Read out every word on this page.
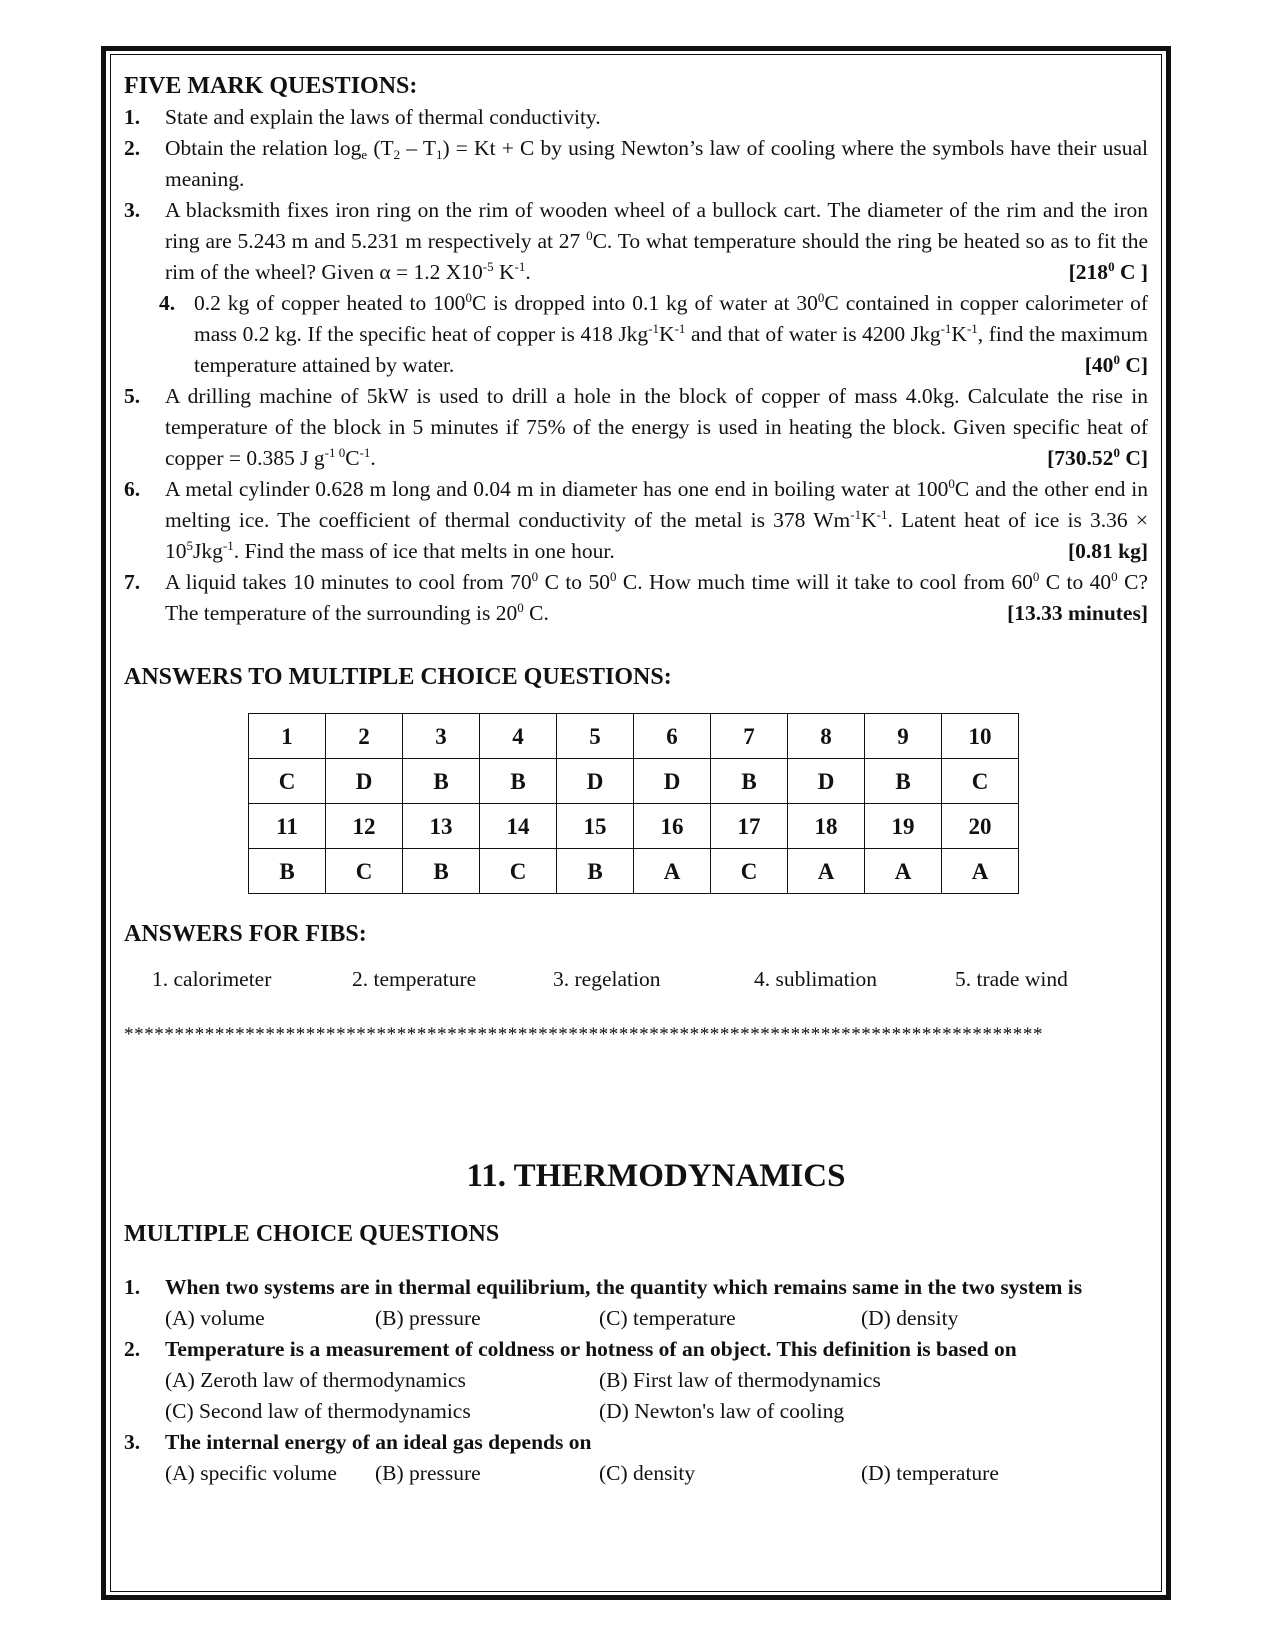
FIVE MARK QUESTIONS:
1.	State and explain the laws of thermal conductivity.
2.	Obtain the relation $\log_e (T_2 - T_1) = Kt + C$ by using Newton’s law of cooling where the symbols have their usual meaning.
3.	A blacksmith fixes iron ring on the rim of wooden wheel of a bullock cart. The diameter of the rim and the iron ring are 5.243 m and 5.231 m respectively at 27 $^0$C. To what temperature should the ring be heated so as to fit the rim of the wheel? Given α = 1.2 $X10^{-5}$ $K^{-1}$.	[$218^0$ C ]
4. 0.2 kg of copper heated to $100^0C$ is dropped into 0.1 kg of water at $30^0C$ contained in copper calorimeter of mass 0.2 kg. If the specific heat of copper is 418 $Jkg^{-1}K^{-1}$ and that of water is 4200 $Jkg^{-1}K^{-1}$, find the maximum temperature attained by water.	[$40^0$ C]
5.	A drilling machine of 5kW is used to drill a hole in the block of copper of mass 4.0kg. Calculate the rise in temperature of the block in 5 minutes if 75% of the energy is used in heating the block. Given specific heat of copper = 0.385 J $g^{-1 0}C^{-1}$.	[730.52$^0$ C]
6.	A metal cylinder 0.628 m long and 0.04 m in diameter has one end in boiling water at $100^0C$ and the other end in melting ice. The coefficient of thermal conductivity of the metal is 378 $Wm^{-1}K^{-1}$. Latent heat of ice is $3.36 \times 10^5Jkg^{-1}$. Find the mass of ice that melts in one hour.	[0.81 kg]
7.	A liquid takes 10 minutes to cool from $70^0$ C to $50^0$ C. How much time will it take to cool from $60^0$ C to $40^0$ C? The temperature of the surrounding is $20^0$ C.	[13.33 minutes]
ANSWERS TO MULTIPLE CHOICE QUESTIONS:
1	2	3	4	5	6	7	8	9	10
C	D	B	B	D	D	B	D	B	C
11	12	13	14	15	16	17	18	19	20
B	C	B	C	B	A	C	A	A	A
ANSWERS FOR FIBS:
1. calorimeter	2. temperature	3. regelation	4. sublimation	5. trade wind
*******************************************************************************************
11. THERMODYNAMICS
MULTIPLE CHOICE QUESTIONS
1.	When two systems are in thermal equilibrium, the quantity which remains same in the two system is
(A) volume	(B) pressure	(C) temperature	(D) density
2.	Temperature is a measurement of coldness or hotness of an object. This definition is based on
(A) Zeroth law of thermodynamics	(B) First law of thermodynamics
(C) Second law of thermodynamics	(D) Newton's law of cooling
3.	The internal energy of an ideal gas depends on
(A) specific volume	(B) pressure	(C) density	(D) temperature
